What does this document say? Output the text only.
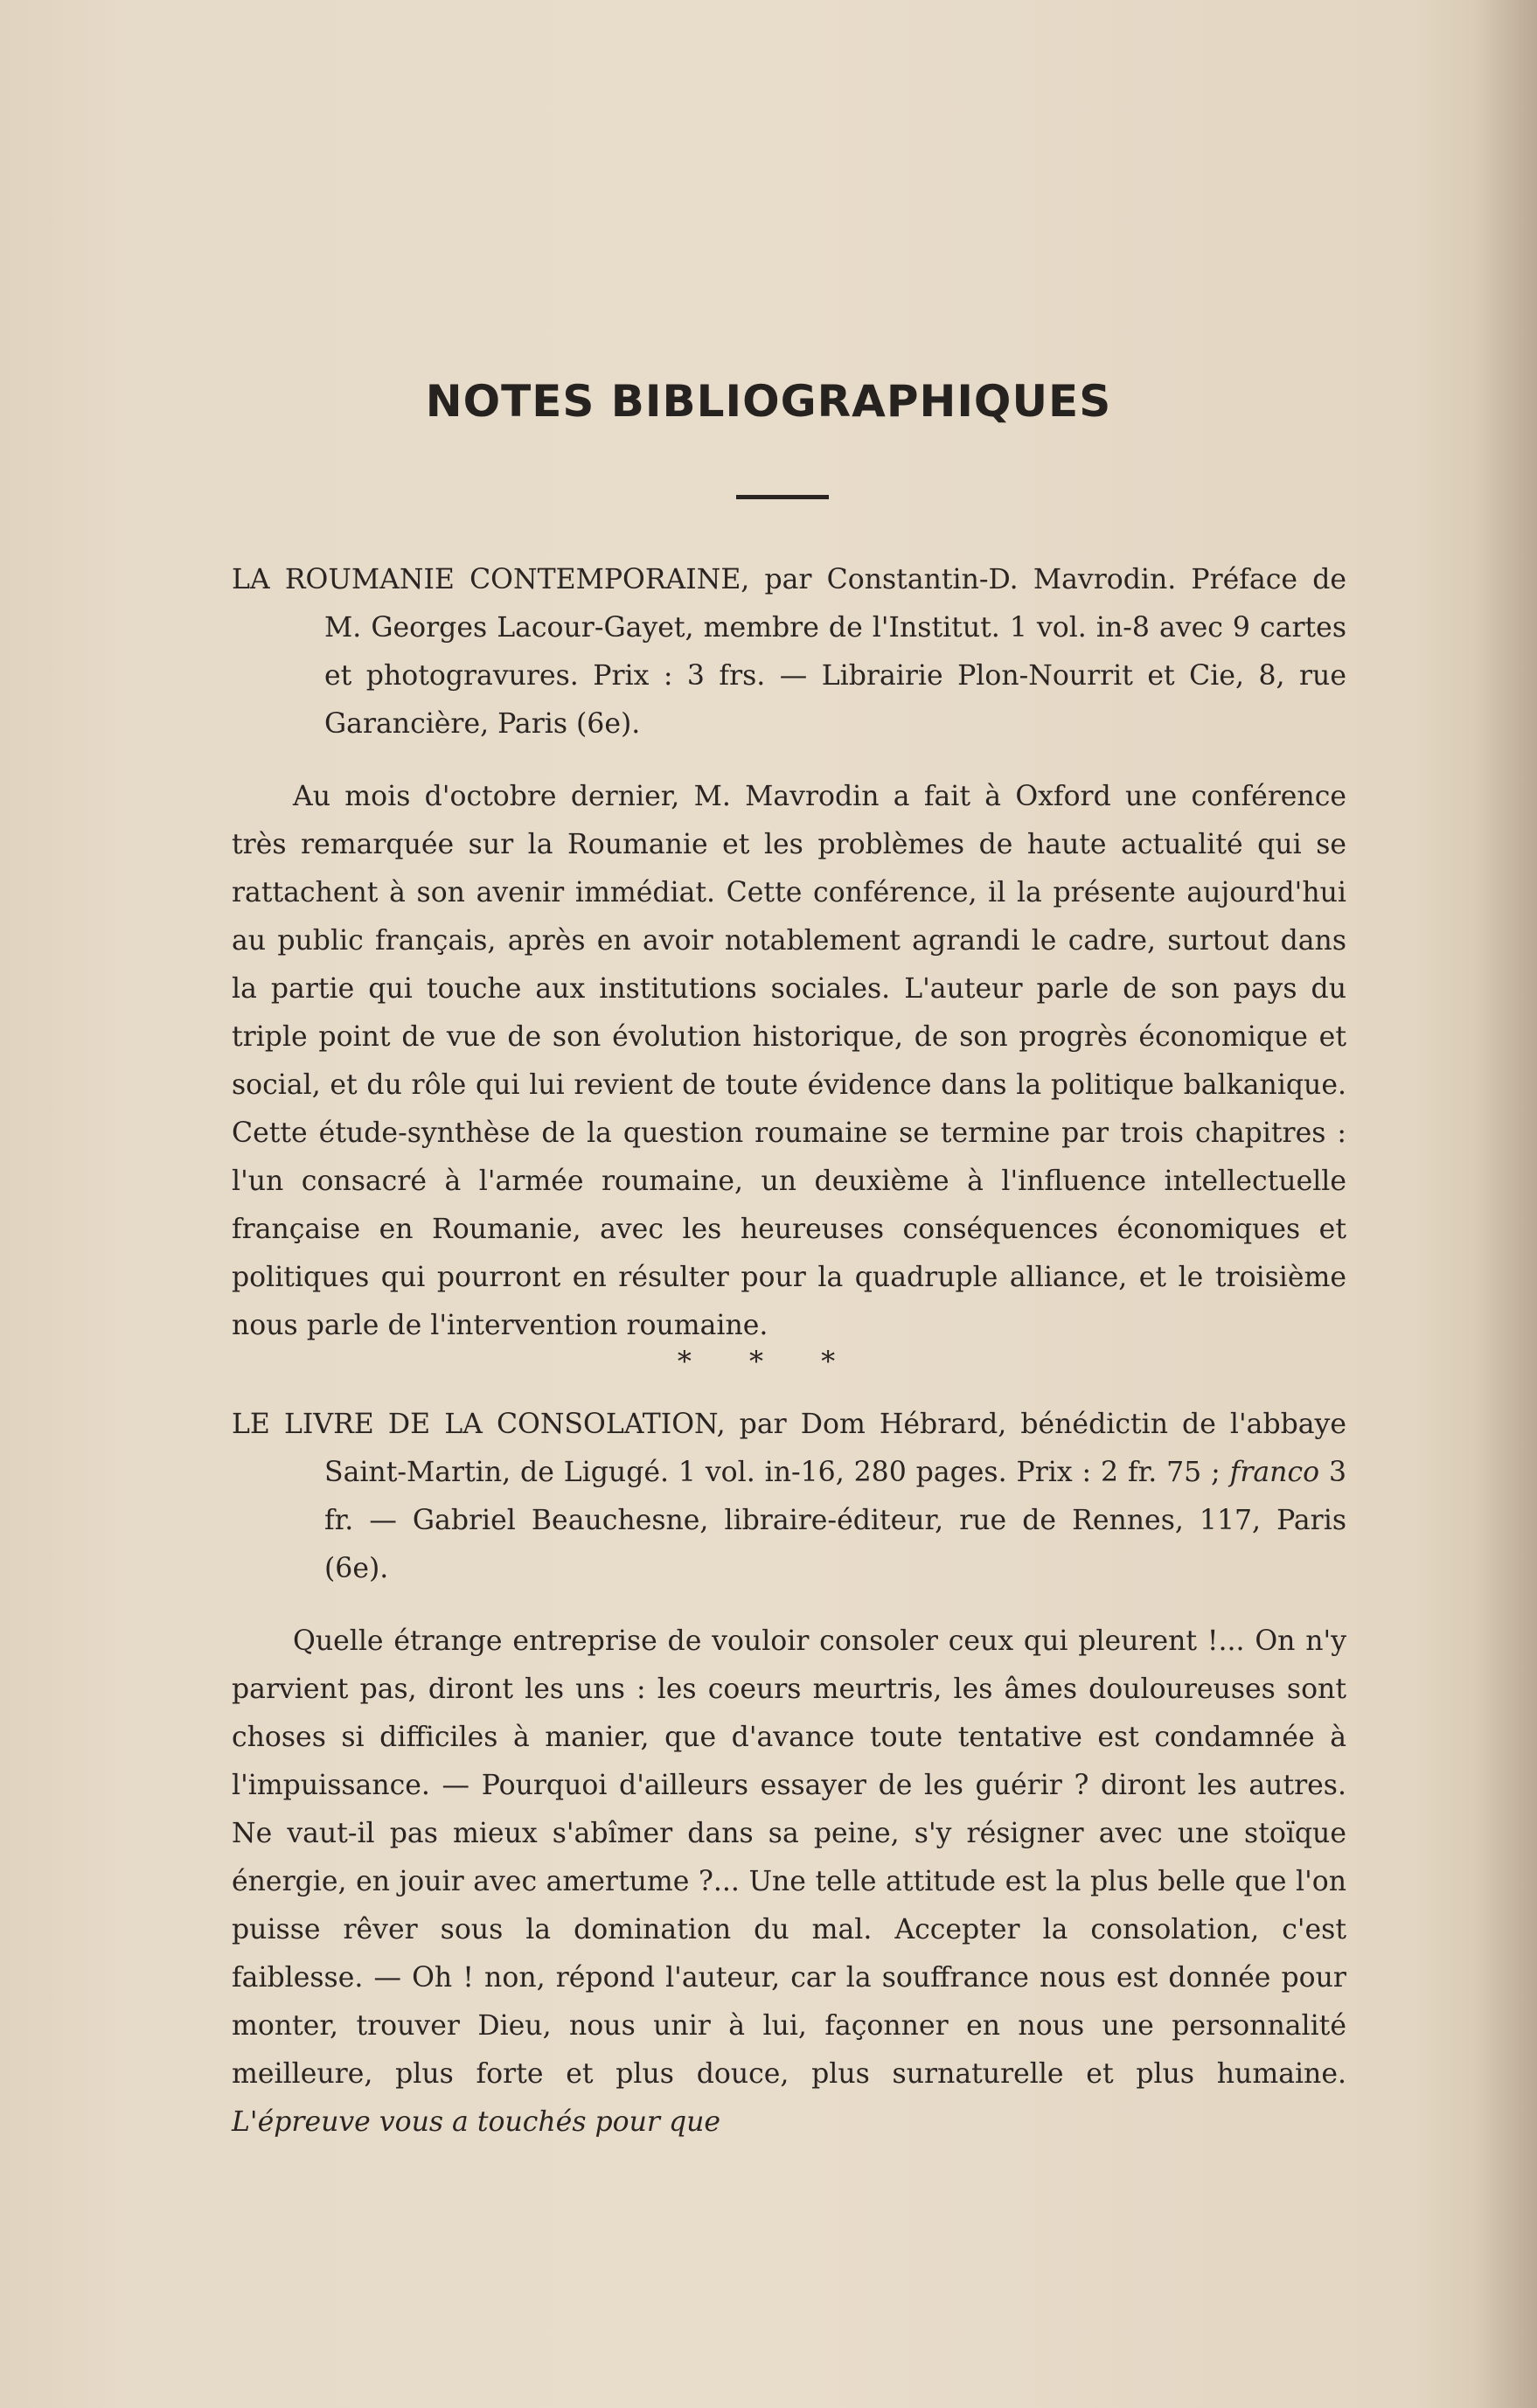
NOTES BIBLIOGRAPHIQUES
LA ROUMANIE CONTEMPORAINE, par Constantin-D. Mavrodin. Préface de M. Georges Lacour-Gayet, membre de l'Institut. 1 vol. in-8 avec 9 cartes et photogravures. Prix : 3 frs. — Librairie Plon-Nourrit et Cie, 8, rue Garancière, Paris (6e).
Au mois d'octobre dernier, M. Mavrodin a fait à Oxford une conférence très remarquée sur la Roumanie et les problèmes de haute actualité qui se rattachent à son avenir immédiat. Cette conférence, il la présente aujourd'hui au public français, après en avoir notablement agrandi le cadre, surtout dans la partie qui touche aux institutions sociales. L'auteur parle de son pays du triple point de vue de son évolution historique, de son progrès économique et social, et du rôle qui lui revient de toute évidence dans la politique balkanique. Cette étude-synthèse de la question roumaine se termine par trois chapitres : l'un consacré à l'armée roumaine, un deuxième à l'influence intellectuelle française en Roumanie, avec les heureuses conséquences économiques et politiques qui pourront en résulter pour la quadruple alliance, et le troisième nous parle de l'intervention roumaine.
* * *
LE LIVRE DE LA CONSOLATION, par Dom Hébrard, bénédictin de l'abbaye Saint-Martin, de Ligugé. 1 vol. in-16, 280 pages. Prix : 2 fr. 75 ; franco 3 fr. — Gabriel Beauchesne, libraire-éditeur, rue de Rennes, 117, Paris (6e).
Quelle étrange entreprise de vouloir consoler ceux qui pleurent !... On n'y parvient pas, diront les uns : les coeurs meurtris, les âmes douloureuses sont choses si difficiles à manier, que d'avance toute tentative est condamnée à l'impuissance. — Pourquoi d'ailleurs essayer de les guérir ? diront les autres. Ne vaut-il pas mieux s'abîmer dans sa peine, s'y résigner avec une stoïque énergie, en jouir avec amertume ?... Une telle attitude est la plus belle que l'on puisse rêver sous la domination du mal. Accepter la consolation, c'est faiblesse. — Oh ! non, répond l'auteur, car la souffrance nous est donnée pour monter, trouver Dieu, nous unir à lui, façonner en nous une personnalité meilleure, plus forte et plus douce, plus surnaturelle et plus humaine. L'épreuve vous a touchés pour que
